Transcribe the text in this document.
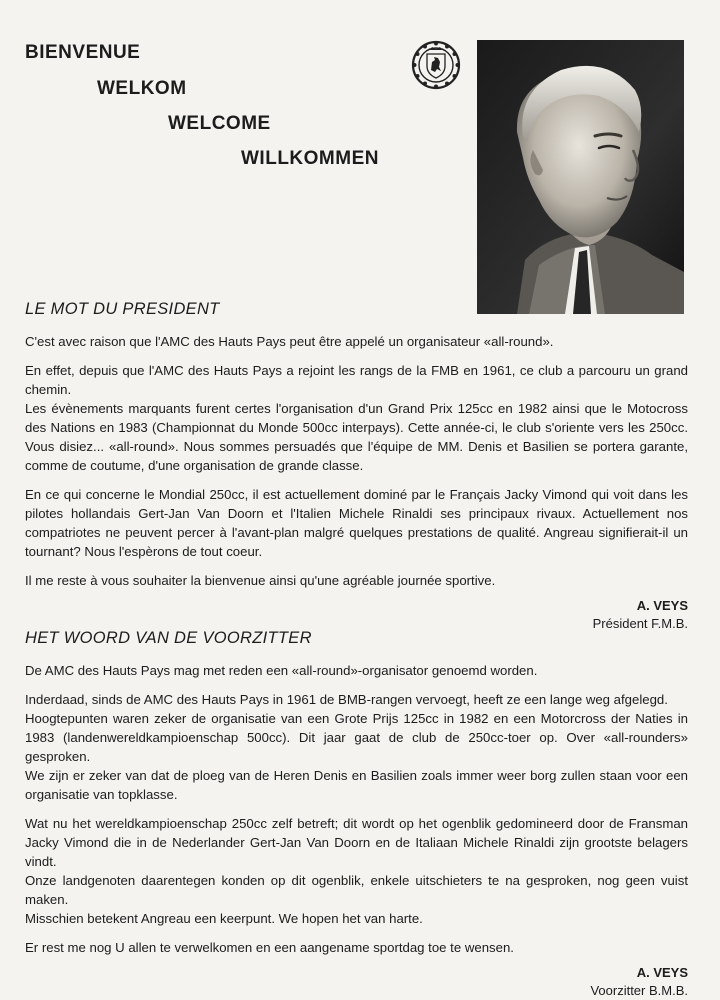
BIENVENUE
WELKOM
WELCOME
WILLKOMMEN
LE MOT DU PRESIDENT
C'est avec raison que l'AMC des Hauts Pays peut être appelé un organisateur «all-round».
En effet, depuis que l'AMC des Hauts Pays a rejoint les rangs de la FMB en 1961, ce club a parcouru un grand chemin.
Les évènements marquants furent certes l'organisation d'un Grand Prix 125cc en 1982 ainsi que le Motocross des Nations en 1983 (Championnat du Monde 500cc interpays). Cette année-ci, le club s'oriente vers les 250cc. Vous disiez... «all-round». Nous sommes persuadés que l'équipe de MM. Denis et Basilien se portera garante, comme de coutume, d'une organisation de grande classe.
En ce qui concerne le Mondial 250cc, il est actuellement dominé par le Français Jacky Vimond qui voit dans les pilotes hollandais Gert-Jan Van Doorn et l'Italien Michele Rinaldi ses principaux rivaux. Actuellement nos compatriotes ne peuvent percer à l'avant-plan malgré quelques prestations de qualité. Angreau signifierait-il un tournant? Nous l'espèrons de tout coeur.
Il me reste à vous souhaiter la bienvenue ainsi qu'une agréable journée sportive.
A. VEYS
Président F.M.B.
HET WOORD VAN DE VOORZITTER
De AMC des Hauts Pays mag met reden een «all-round»-organisator genoemd worden.
Inderdaad, sinds de AMC des Hauts Pays in 1961 de BMB-rangen vervoegt, heeft ze een lange weg afgelegd.
Hoogtepunten waren zeker de organisatie van een Grote Prijs 125cc in 1982 en een Motorcross der Naties in 1983 (landenwereldkampioenschap 500cc). Dit jaar gaat de club de 250cc-toer op. Over «all-rounders» gesproken.
We zijn er zeker van dat de ploeg van de Heren Denis en Basilien zoals immer weer borg zullen staan voor een organisatie van topklasse.
Wat nu het wereldkampioenschap 250cc zelf betreft; dit wordt op het ogenblik gedomineerd door de Fransman Jacky Vimond die in de Nederlander Gert-Jan Van Doorn en de Italiaan Michele Rinaldi zijn grootste belagers vindt.
Onze landgenoten daarentegen konden op dit ogenblik, enkele uitschieters te na gesproken, nog geen vuist maken.
Misschien betekent Angreau een keerpunt. We hopen het van harte.
Er rest me nog U allen te verwelkomen en een aangename sportdag toe te wensen.
A. VEYS
Voorzitter B.M.B.
